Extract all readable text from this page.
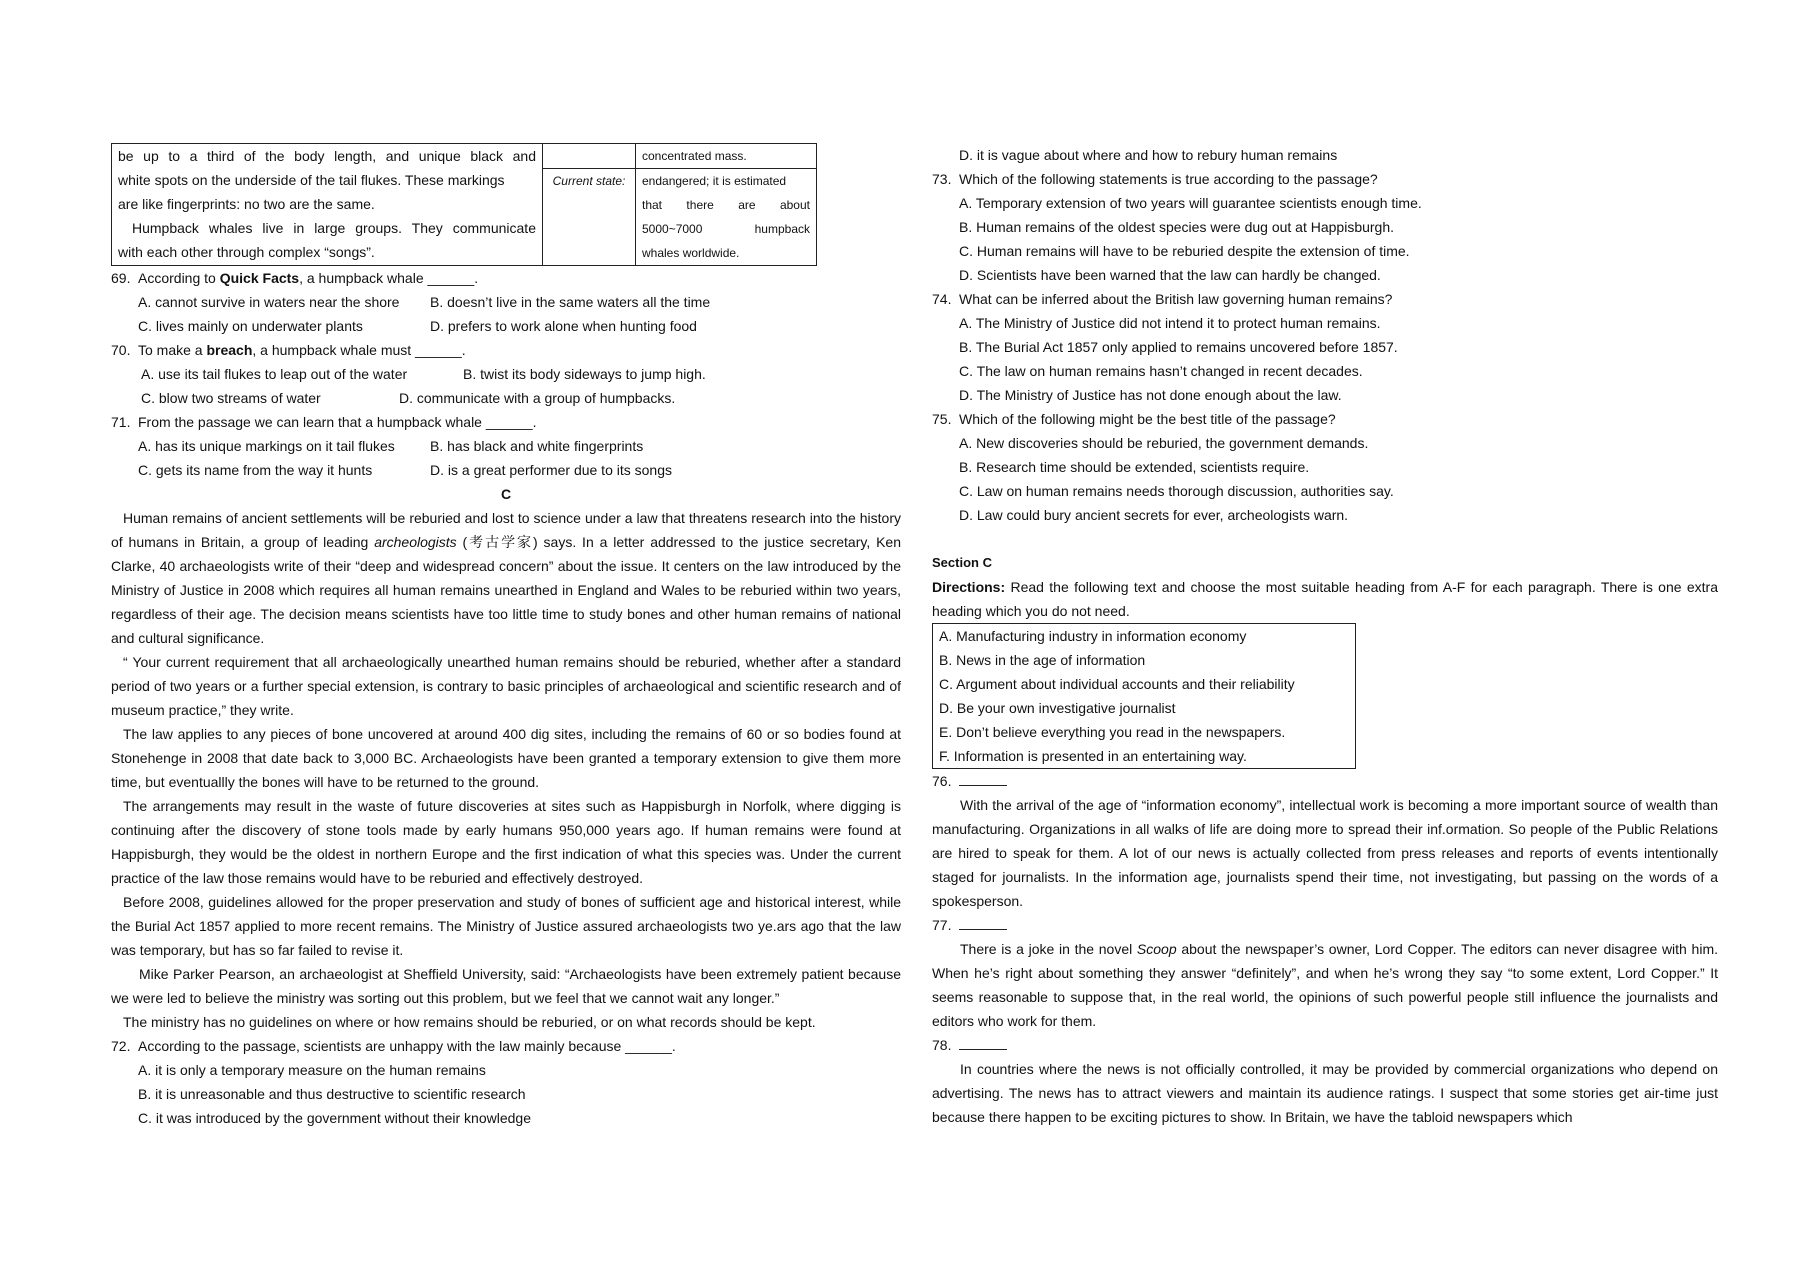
be up to a third of the body length, and unique black and
white spots on the underside of the tail flukes. These markings
are like fingerprints: no two are the same.
Humpback whales live in large groups. They communicate
with each other through complex “songs”.		concentrated mass.
	Current state:	endangered; it is estimated
that there are about
5000~7000 humpback
whales worldwide.

69. According to Quick Facts, a humpback whale ______.

A. cannot survive in waters near the shore	B. doesn’t live in the same waters all the time
C. lives mainly on underwater plants	D. prefers to work alone when hunting food

70. To make a breach, a humpback whale must ______.

A. use its tail flukes to leap out of the water	B. twist its body sideways to jump high.
C. blow two streams of water	D. communicate with a group of humpbacks.

71. From the passage we can learn that a humpback whale ______.

A. has its unique markings on it tail flukes	B. has black and white fingerprints
C. gets its name from the way it hunts	D. is a great performer due to its songs

C

Human remains of ancient settlements will be reburied and lost to science under a law that threatens research into the history of humans in Britain, a group of leading archeologists (考古学家) says. In a letter addressed to the justice secretary, Ken Clarke, 40 archaeologists write of their “deep and widespread concern” about the issue. It centers on the law introduced by the Ministry of Justice in 2008 which requires all human remains unearthed in England and Wales to be reburied within two years, regardless of their age. The decision means scientists have too little time to study bones and other human remains of national and cultural significance.

“ Your current requirement that all archaeologically unearthed human remains should be reburied, whether after a standard period of two years or a further special extension, is contrary to basic principles of archaeological and scientific research and of museum practice,” they write.

The law applies to any pieces of bone uncovered at around 400 dig sites, including the remains of 60 or so bodies found at Stonehenge in 2008 that date back to 3,000 BC. Archaeologists have been granted a temporary extension to give them more time, but eventuallly the bones will have to be returned to the ground.

The arrangements may result in the waste of future discoveries at sites such as Happisburgh in Norfolk, where digging is continuing after the discovery of stone tools made by early humans 950,000 years ago. If human remains were found at Happisburgh, they would be the oldest in northern Europe and the first indication of what this species was. Under the current practice of the law those remains would have to be reburied and effectively destroyed.

Before 2008, guidelines allowed for the proper preservation and study of bones of sufficient age and historical interest, while the Burial Act 1857 applied to more recent remains. The Ministry of Justice assured archaeologists two ye.ars ago that the law was temporary, but has so far failed to revise it.

Mike Parker Pearson, an archaeologist at Sheffield University, said: “Archaeologists have been extremely patient because we were led to believe the ministry was sorting out this problem, but we feel that we cannot wait any longer.”

The ministry has no guidelines on where or how remains should be reburied, or on what records should be kept.

72. According to the passage, scientists are unhappy with the law mainly because ______.

A. it is only a temporary measure on the human remains

B. it is unreasonable and thus destructive to scientific research

C. it was introduced by the government without their knowledge

D. it is vague about where and how to rebury human remains

73. Which of the following statements is true according to the passage?

A. Temporary extension of two years will guarantee scientists enough time.

B. Human remains of the oldest species were dug out at Happisburgh.

C. Human remains will have to be reburied despite the extension of time.

D. Scientists have been warned that the law can hardly be changed.

74. What can be inferred about the British law governing human remains?

A. The Ministry of Justice did not intend it to protect human remains.

B. The Burial Act 1857 only applied to remains uncovered before 1857.

C. The law on human remains hasn’t changed in recent decades.

D. The Ministry of Justice has not done enough about the law.

75. Which of the following might be the best title of the passage?

A. New discoveries should be reburied, the government demands.

B. Research time should be extended, scientists require.

C. Law on human remains needs thorough discussion, authorities say.

D. Law could bury ancient secrets for ever, archeologists warn.

Section C

Directions: Read the following text and choose the most suitable heading from A-F for each paragraph. There is one extra heading which you do not need.

A. Manufacturing industry in information economy
B. News in the age of information
C. Argument about individual accounts and their reliability
D. Be your own investigative journalist
E. Don’t believe everything you read in the newspapers.
F. Information is presented in an entertaining way.

76.

With the arrival of the age of “information economy”, intellectual work is becoming a more important source of wealth than manufacturing. Organizations in all walks of life are doing more to spread their inf.ormation. So people of the Public Relations are hired to speak for them. A lot of our news is actually collected from press releases and reports of events intentionally staged for journalists. In the information age, journalists spend their time, not investigating, but passing on the words of a spokesperson.

77.

There is a joke in the novel Scoop about the newspaper’s owner, Lord Copper. The editors can never disagree with him. When he’s right about something they answer “definitely”, and when he’s wrong they say “to some extent, Lord Copper.” It seems reasonable to suppose that, in the real world, the opinions of such powerful people still influence the journalists and editors who work for them.

78.

In countries where the news is not officially controlled, it may be provided by commercial organizations who depend on advertising. The news has to attract viewers and maintain its audience ratings. I suspect that some stories get air-time just because there happen to be exciting pictures to show. In Britain, we have the tabloid newspapers which
